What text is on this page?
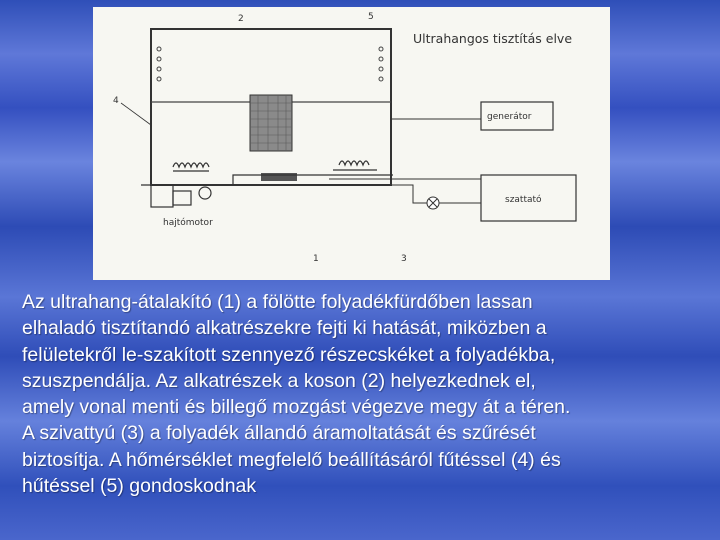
Ultrahangos tisztítás elve
2	5
4
1	3
generátor
szattató
hajtómotor
Az ultrahang-átalakító (1) a fölötte folyadékfürdőben lassan
elhaladó tisztítandó alkatrészekre fejti ki hatását, miközben a
felületekről le-szakított szennyező részecskéket a folyadékba,
szuszpendálja. Az alkatrészek a koson (2) helyezkednek el,
amely vonal menti és billegő mozgást végezve megy át a téren.
A szivattyú (3) a folyadék állandó áramoltatását és szűrését
biztosítja. A hőmérséklet megfelelő beállításáról fűtéssel (4) és
hűtéssel (5) gondoskodnak
